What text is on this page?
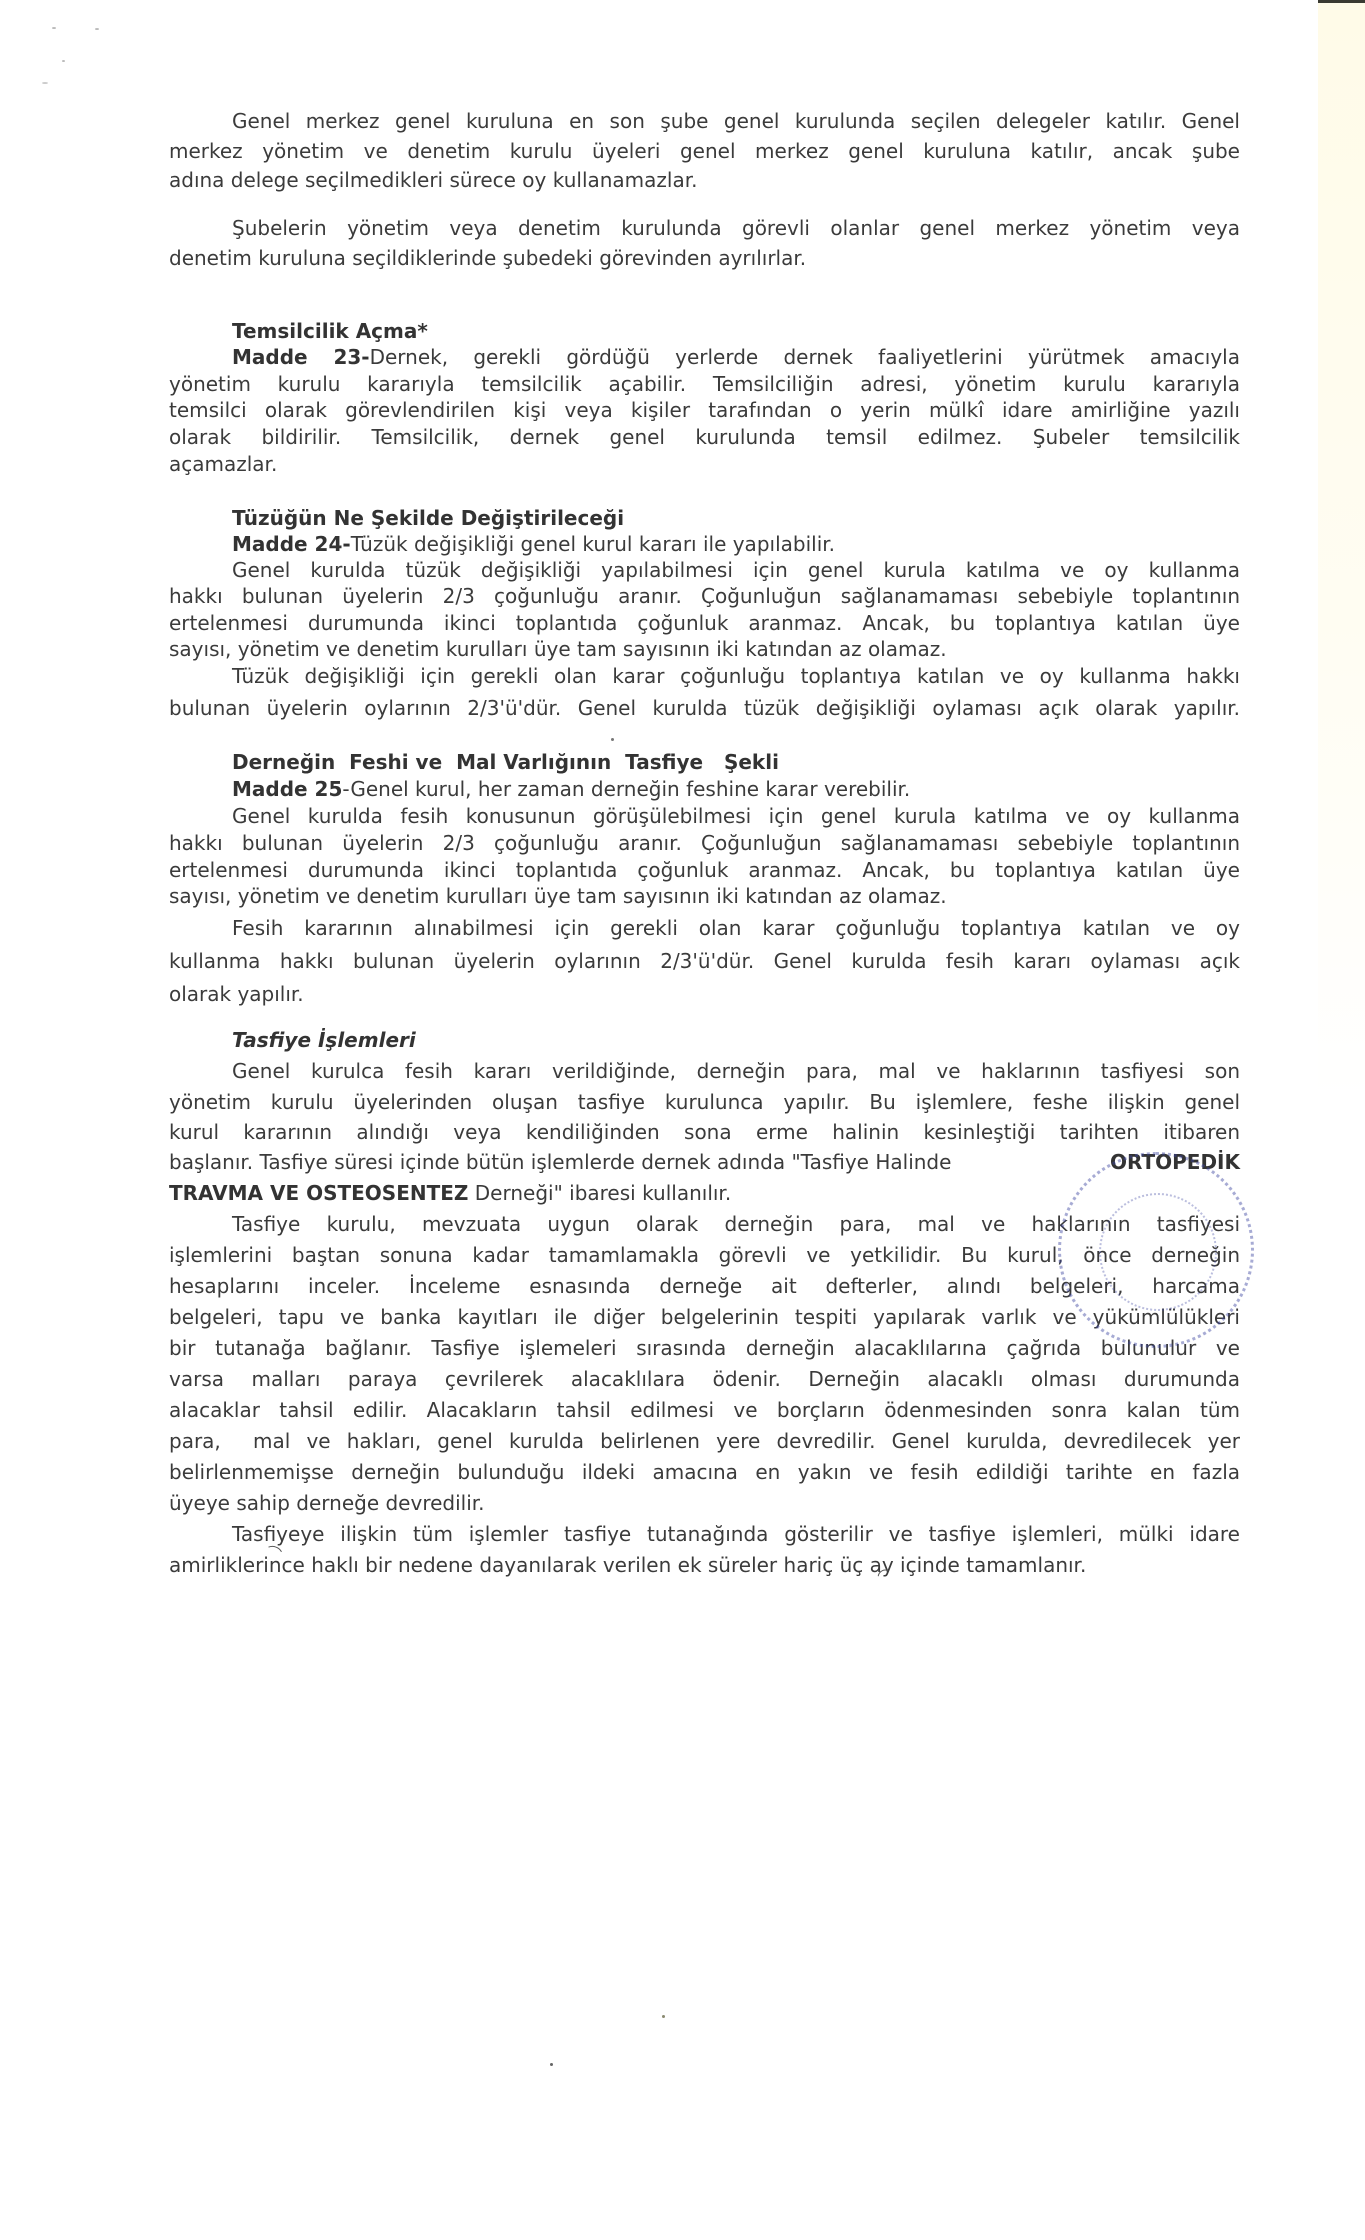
Genel merkez genel kuruluna en son şube genel kurulunda seçilen delegeler katılır. Genel
merkez yönetim ve denetim kurulu üyeleri genel merkez genel kuruluna katılır, ancak şube
adına delege seçilmedikleri sürece oy kullanamazlar.
Şubelerin yönetim veya denetim kurulunda görevli olanlar genel merkez yönetim veya
denetim kuruluna seçildiklerinde şubedeki görevinden ayrılırlar.
Temsilcilik Açma*
Madde 23-Dernek, gerekli gördüğü yerlerde dernek faaliyetlerini yürütmek amacıyla
yönetim kurulu kararıyla temsilcilik açabilir. Temsilciliğin adresi, yönetim kurulu kararıyla
temsilci olarak görevlendirilen kişi veya kişiler tarafından o yerin mülkî idare amirliğine yazılı
olarak bildirilir. Temsilcilik, dernek genel kurulunda temsil edilmez. Şubeler temsilcilik
açamazlar.
Tüzüğün Ne Şekilde Değiştirileceği
Madde 24-Tüzük değişikliği genel kurul kararı ile yapılabilir.
Genel kurulda tüzük değişikliği yapılabilmesi için genel kurula katılma ve oy kullanma
hakkı bulunan üyelerin 2/3 çoğunluğu aranır. Çoğunluğun sağlanamaması sebebiyle toplantının
ertelenmesi durumunda ikinci toplantıda çoğunluk aranmaz. Ancak, bu toplantıya katılan üye
sayısı, yönetim ve denetim kurulları üye tam sayısının iki katından az olamaz.
Tüzük değişikliği için gerekli olan karar çoğunluğu toplantıya katılan ve oy kullanma hakkı
bulunan üyelerin oylarının 2/3'ü'dür. Genel kurulda tüzük değişikliği oylaması açık olarak yapılır.
Derneğin  Feshi ve  Mal Varlığının  Tasfiye   Şekli
Madde 25-Genel kurul, her zaman derneğin feshine karar verebilir.
Genel kurulda fesih konusunun görüşülebilmesi için genel kurula katılma ve oy kullanma
hakkı bulunan üyelerin 2/3 çoğunluğu aranır. Çoğunluğun sağlanamaması sebebiyle toplantının
ertelenmesi durumunda ikinci toplantıda çoğunluk aranmaz. Ancak, bu toplantıya katılan üye
sayısı, yönetim ve denetim kurulları üye tam sayısının iki katından az olamaz.
Fesih kararının alınabilmesi için gerekli olan karar çoğunluğu toplantıya katılan ve oy
kullanma hakkı bulunan üyelerin oylarının 2/3'ü'dür. Genel kurulda fesih kararı oylaması açık
olarak yapılır.
Tasfiye İşlemleri
Genel kurulca fesih kararı verildiğinde, derneğin para, mal ve haklarının tasfiyesi son
yönetim kurulu üyelerinden oluşan tasfiye kurulunca yapılır. Bu işlemlere, feshe ilişkin genel
kurul kararının alındığı veya kendiliğinden sona erme halinin kesinleştiği tarihten itibaren
başlanır. Tasfiye süresi içinde bütün işlemlerde dernek adında "Tasfiye Halinde	ORTOPEDİK
TRAVMA VE OSTEOSENTEZ Derneği" ibaresi kullanılır.
Tasfiye kurulu, mevzuata uygun olarak derneğin para, mal ve haklarının tasfiyesi
işlemlerini baştan sonuna kadar tamamlamakla görevli ve yetkilidir. Bu kurul, önce derneğin
hesaplarını inceler. İnceleme esnasında derneğe ait defterler, alındı belgeleri, harcama
belgeleri, tapu ve banka kayıtları ile diğer belgelerinin tespiti yapılarak varlık ve yükümlülükleri
bir tutanağa bağlanır. Tasfiye işlemeleri sırasında derneğin alacaklılarına çağrıda bulunulur ve
varsa malları paraya çevrilerek alacaklılara ödenir. Derneğin alacaklı olması durumunda
alacaklar tahsil edilir. Alacakların tahsil edilmesi ve borçların ödenmesinden sonra kalan tüm
para,  mal ve hakları, genel kurulda belirlenen yere devredilir. Genel kurulda, devredilecek yer
belirlenmemişse derneğin bulunduğu ildeki amacına en yakın ve fesih edildiği tarihte en fazla
üyeye sahip derneğe devredilir.
Tasfiyeye ilişkin tüm işlemler tasfiye tutanağında gösterilir ve tasfiye işlemleri, mülki idare
amirliklerince haklı bir nedene dayanılarak verilen ek süreler hariç üç ay içinde tamamlanır.
